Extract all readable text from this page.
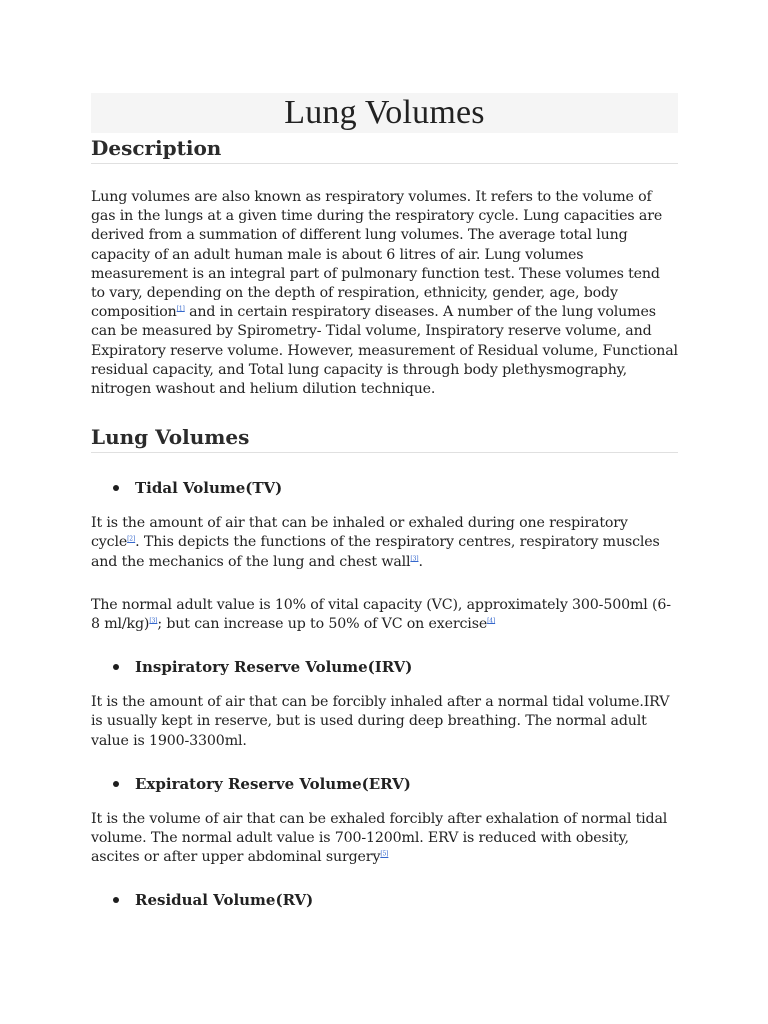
Lung Volumes
Description

Lung volumes are also known as respiratory volumes. It refers to the volume of gas in the lungs at a given time during the respiratory cycle. Lung capacities are derived from a summation of different lung volumes. The average total lung capacity of an adult human male is about 6 litres of air. Lung volumes measurement is an integral part of pulmonary function test. These volumes tend to vary, depending on the depth of respiration, ethnicity, gender, age, body composition[1] and in certain respiratory diseases. A number of the lung volumes can be measured by Spirometry- Tidal volume, Inspiratory reserve volume, and Expiratory reserve volume. However, measurement of Residual volume, Functional residual capacity, and Total lung capacity is through body plethysmography, nitrogen washout and helium dilution technique.

Lung Volumes
Tidal Volume(TV)

It is the amount of air that can be inhaled or exhaled during one respiratory cycle[2]. This depicts the functions of the respiratory centres, respiratory muscles and the mechanics of the lung and chest wall[3].

The normal adult value is 10% of vital capacity (VC), approximately 300-500ml (6-8 ml/kg)[3]; but can increase up to 50% of VC on exercise[4]

Inspiratory Reserve Volume(IRV)

It is the amount of air that can be forcibly inhaled after a normal tidal volume.IRV is usually kept in reserve, but is used during deep breathing. The normal adult value is 1900-3300ml.

Expiratory Reserve Volume(ERV)

It is the volume of air that can be exhaled forcibly after exhalation of normal tidal volume. The normal adult value is 700-1200ml. ERV is reduced with obesity, ascites or after upper abdominal surgery[5]

Residual Volume(RV)
